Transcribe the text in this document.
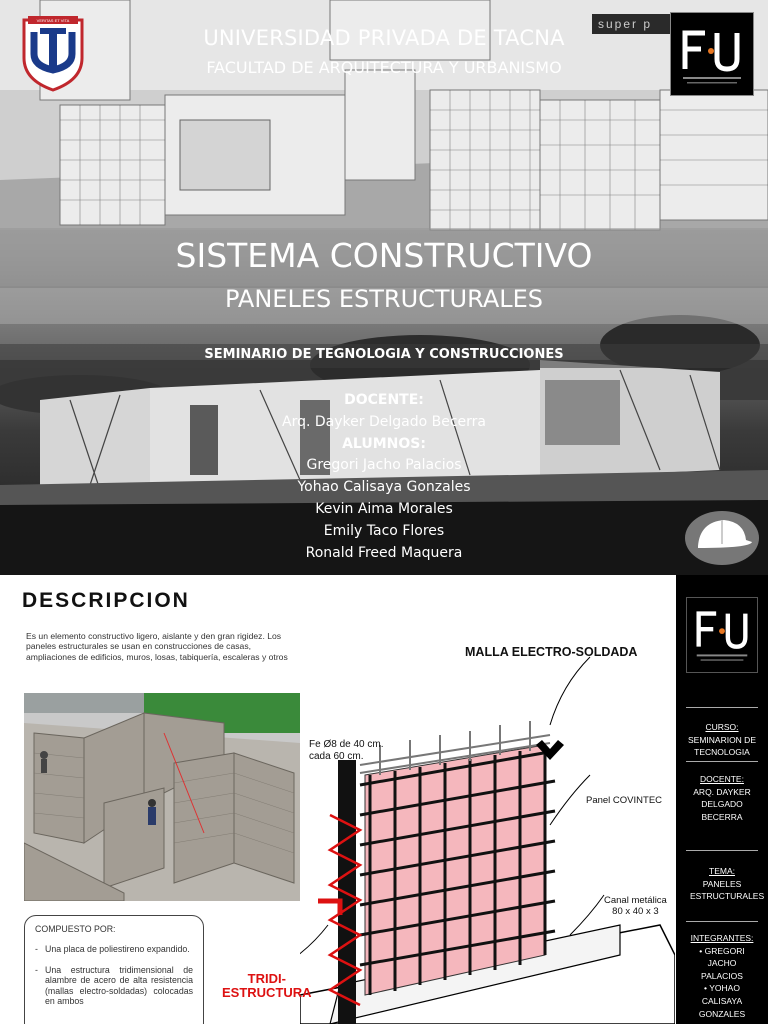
VERITAS ET VITA	super p
UNIVERSIDAD PRIVADA DE TACNA
FACULTAD DE ARQUITECTURA Y URBANISMO
SISTEMA CONSTRUCTIVO
PANELES ESTRUCTURALES
SEMINARIO DE TEGNOLOGIA Y CONSTRUCCIONES
DOCENTE:
Arq. Dayker Delgado Becerra
ALUMNOS:
Gregori Jacho Palacios
Yohao Calisaya Gonzales
Kevin Aima Morales
Emily Taco Flores
Ronald Freed Maquera
DESCRIPCION
Es un elemento constructivo ligero, aislante y den gran rigidez. Los paneles estructurales se usan en construcciones de casas, ampliaciones de edificios, muros, losas, tabiquería, escaleras y otros
COMPUESTO POR:
- Una placa de poliestireno expandido.
- Una estructura tridimensional de alambre de acero de alta resistencia (mallas electro-soldadas) colocadas en ambos
MALLA ELECTRO-SOLDADA
Fe Ø8 de 40 cm.
cada 60 cm.
Panel COVINTEC
Canal metálica
80 x 40 x 3
TRIDI-
ESTRUCTURA
CURSO:
SEMINARION DE TECNOLOGIA
DOCENTE:
ARQ. DAYKER DELGADO BECERRA
TEMA:
PANELES ESTRUCTURALES
INTEGRANTES:
• GREGORI JACHO PALACIOS
• YOHAO CALISAYA GONZALES
